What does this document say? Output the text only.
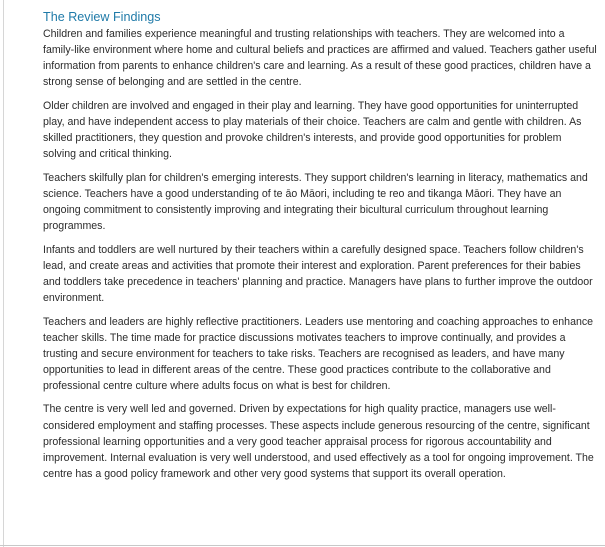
The Review Findings

Children and families experience meaningful and trusting relationships with teachers. They are welcomed into a family-like environment where home and cultural beliefs and practices are affirmed and valued. Teachers gather useful information from parents to enhance children's care and learning. As a result of these good practices, children have a strong sense of belonging and are settled in the centre.

Older children are involved and engaged in their play and learning. They have good opportunities for uninterrupted play, and have independent access to play materials of their choice. Teachers are calm and gentle with children. As skilled practitioners, they question and provoke children's interests, and provide good opportunities for problem solving and critical thinking.

Teachers skilfully plan for children's emerging interests. They support children's learning in literacy, mathematics and science. Teachers have a good understanding of te āo Māori, including te reo and tikanga Māori. They have an ongoing commitment to consistently improving and integrating their bicultural curriculum throughout learning programmes.

Infants and toddlers are well nurtured by their teachers within a carefully designed space. Teachers follow children's lead, and create areas and activities that promote their interest and exploration. Parent preferences for their babies and toddlers take precedence in teachers' planning and practice. Managers have plans to further improve the outdoor environment.

Teachers and leaders are highly reflective practitioners. Leaders use mentoring and coaching approaches to enhance teacher skills. The time made for practice discussions motivates teachers to improve continually, and provides a trusting and secure environment for teachers to take risks. Teachers are recognised as leaders, and have many opportunities to lead in different areas of the centre. These good practices contribute to the collaborative and professional centre culture where adults focus on what is best for children.

The centre is very well led and governed. Driven by expectations for high quality practice, managers use well-considered employment and staffing processes. These aspects include generous resourcing of the centre, significant professional learning opportunities and a very good teacher appraisal process for rigorous accountability and improvement. Internal evaluation is very well understood, and used effectively as a tool for ongoing improvement. The centre has a good policy framework and other very good systems that support its overall operation.
